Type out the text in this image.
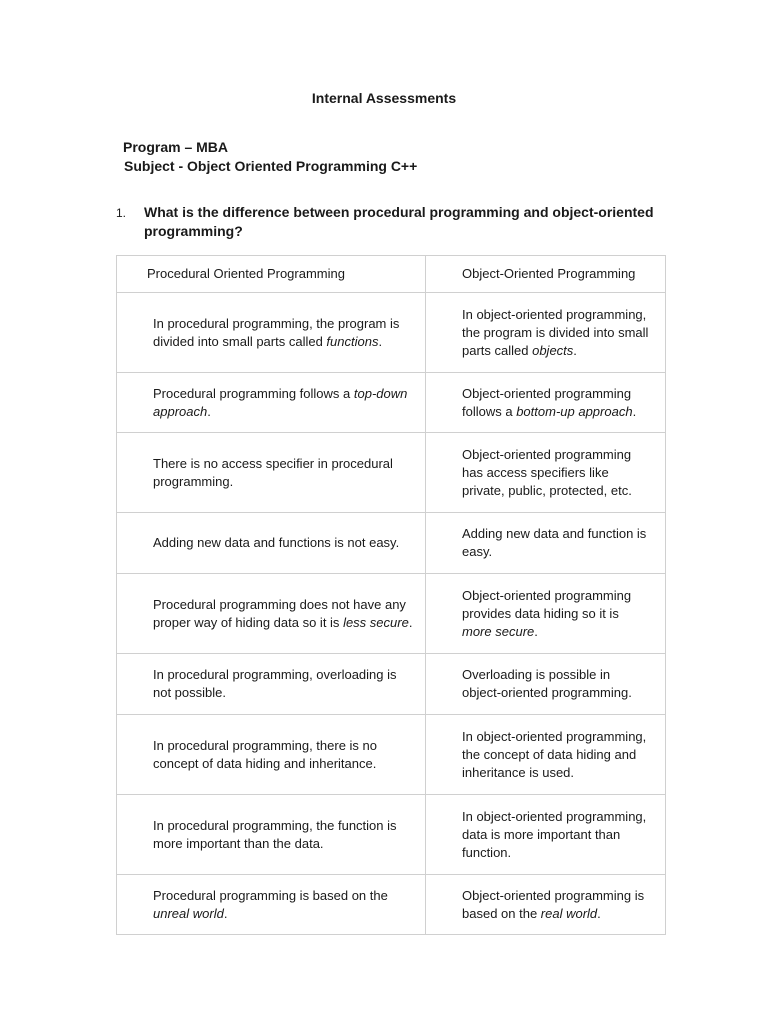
Internal Assessments
Program – MBA
Subject - Object Oriented Programming C++
1. What is the difference between procedural programming and object-oriented programming?
Procedural Oriented Programming	Object-Oriented Programming

In procedural programming, the program is divided into small parts called functions.	In object-oriented programming, the program is divided into small parts called objects.

Procedural programming follows a top-down approach.	Object-oriented programming follows a bottom-up approach.

There is no access specifier in procedural programming.	Object-oriented programming has access specifiers like private, public, protected, etc.

Adding new data and functions is not easy.	Adding new data and function is easy.

Procedural programming does not have any proper way of hiding data so it is less secure.	Object-oriented programming provides data hiding so it is more secure.

In procedural programming, overloading is not possible.	Overloading is possible in object-oriented programming.

In procedural programming, there is no concept of data hiding and inheritance.	In object-oriented programming, the concept of data hiding and inheritance is used.

In procedural programming, the function is more important than the data.	In object-oriented programming, data is more important than function.

Procedural programming is based on the unreal world.	Object-oriented programming is based on the real world.
